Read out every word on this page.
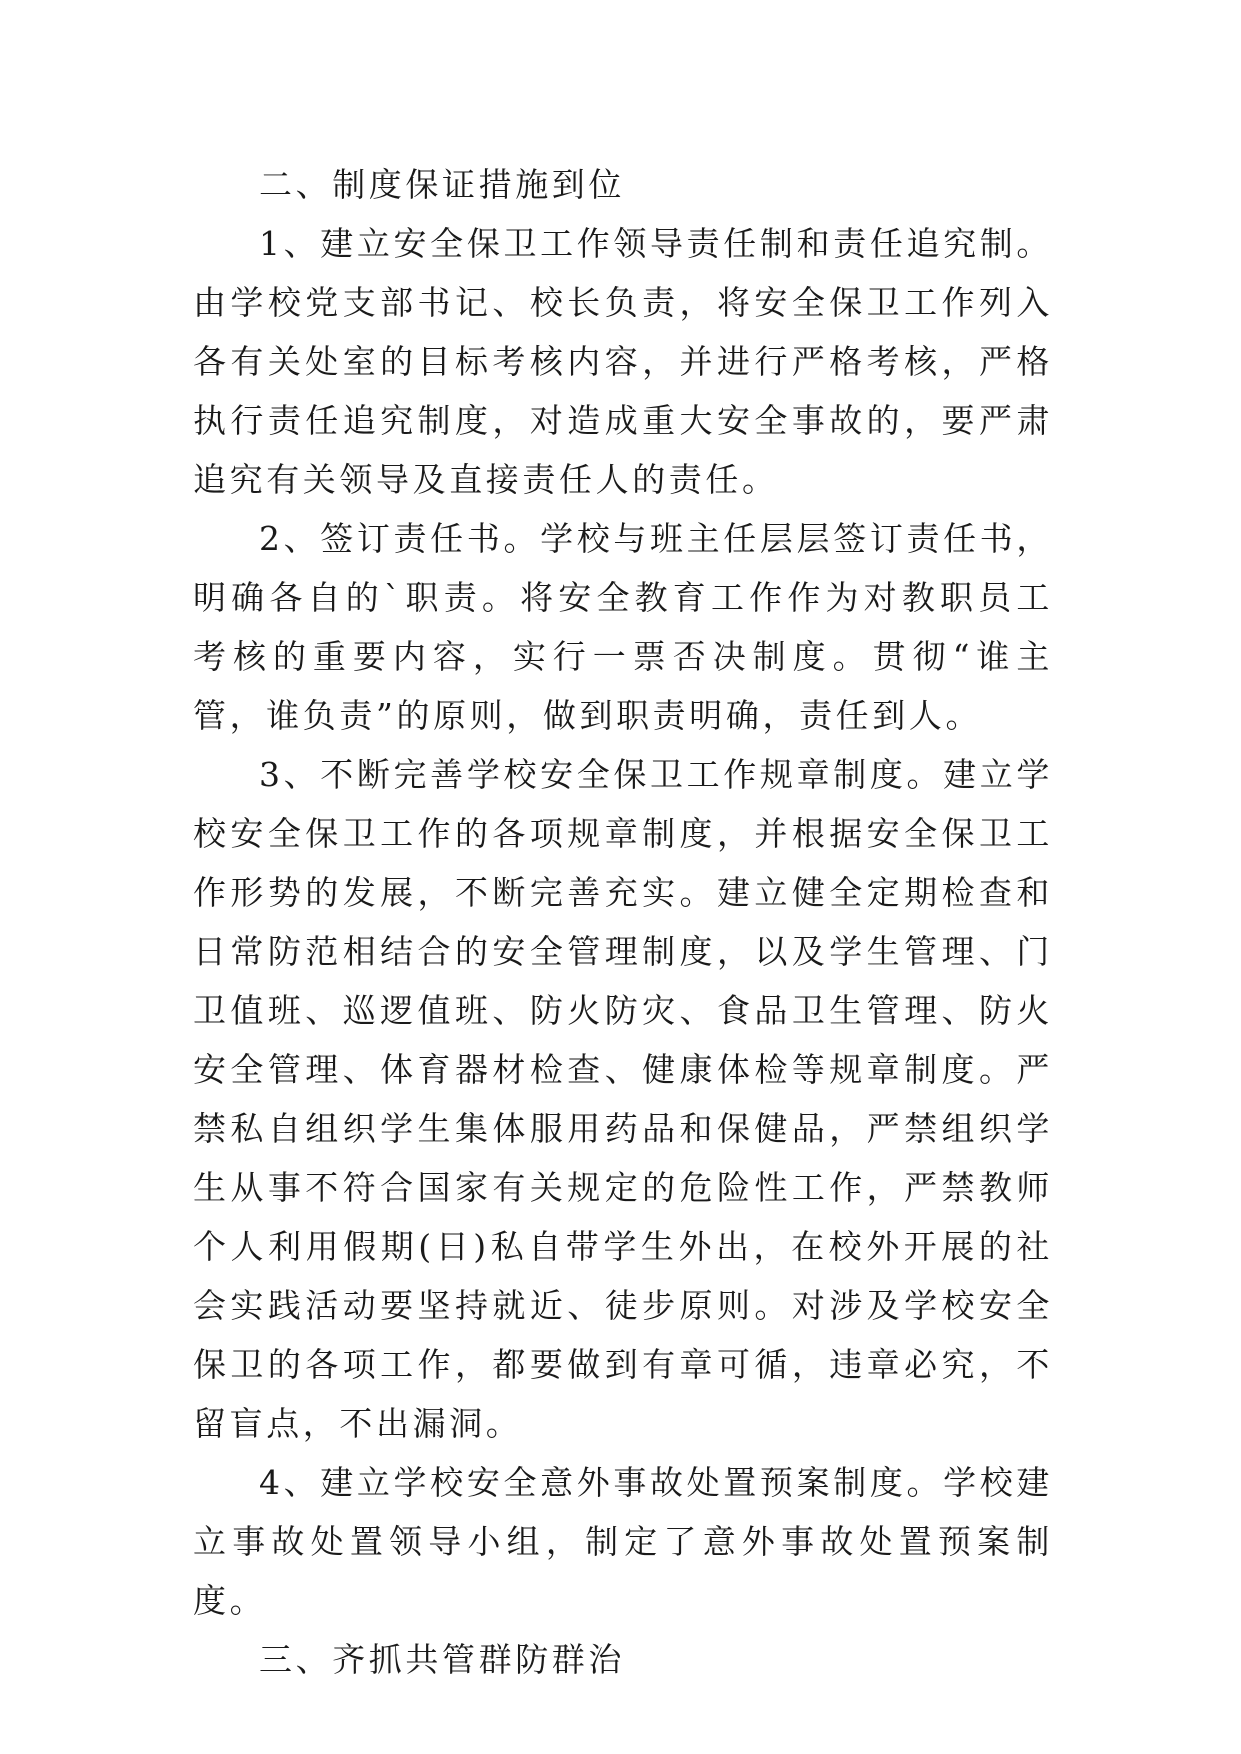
二、制度保证措施到位

1、建立安全保卫工作领导责任制和责任追究制。由学校党支部书记、校长负责，将安全保卫工作列入各有关处室的目标考核内容，并进行严格考核，严格执行责任追究制度，对造成重大安全事故的，要严肃追究有关领导及直接责任人的责任。

2、签订责任书。学校与班主任层层签订责任书，明确各自的`职责。将安全教育工作作为对教职员工考核的重要内容，实行一票否决制度。贯彻“谁主管，谁负责”的原则，做到职责明确，责任到人。

3、不断完善学校安全保卫工作规章制度。建立学校安全保卫工作的各项规章制度，并根据安全保卫工作形势的发展，不断完善充实。建立健全定期检查和日常防范相结合的安全管理制度，以及学生管理、门卫值班、巡逻值班、防火防灾、食品卫生管理、防火安全管理、体育器材检查、健康体检等规章制度。严禁私自组织学生集体服用药品和保健品，严禁组织学生从事不符合国家有关规定的危险性工作，严禁教师个人利用假期(日)私自带学生外出，在校外开展的社会实践活动要坚持就近、徒步原则。对涉及学校安全保卫的各项工作，都要做到有章可循，违章必究，不留盲点，不出漏洞。

4、建立学校安全意外事故处置预案制度。学校建立事故处置领导小组，制定了意外事故处置预案制度。

三、齐抓共管群防群治
